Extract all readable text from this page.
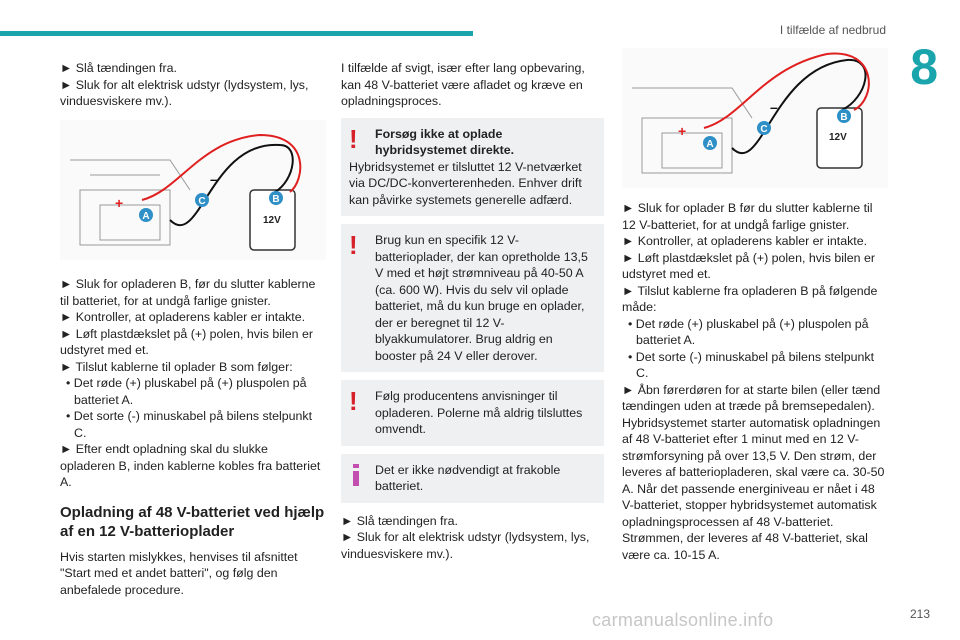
I tilfælde af nedbrud
8

► Slå tændingen fra.

► Sluk for alt elektrisk udstyr (lydsystem, lys, vinduesviskere mv.).

C
A
B
12V
+
–

► Sluk for opladeren B, før du slutter kablerne til batteriet, for at undgå farlige gnister.

► Kontroller, at opladerens kabler er intakte.

► Løft plastdækslet på (+) polen, hvis bilen er udstyret med et.

► Tilslut kablerne til oplader B som følger:

• Det røde (+) pluskabel på (+) pluspolen på batteriet A.

• Det sorte (-) minuskabel på bilens stelpunkt C.

► Efter endt opladning skal du slukke opladeren B, inden kablerne kobles fra batteriet A.

Opladning af 48 V-batteriet ved hjælp af en 12 V-batterioplader

Hvis starten mislykkes, henvises til afsnittet "Start med et andet batteri", og følg den anbefalede procedure.

I tilfælde af svigt, især efter lang opbevaring, kan 48 V-batteriet være afladet og kræve en opladningsproces.

!	Forsøg ikke at oplade hybridsystemet direkte.

Hybridsystemet er tilsluttet 12 V-netværket via DC/DC-konverterenheden. Enhver drift kan påvirke systemets generelle adfærd.

!	Brug kun en specifik 12 V-batterioplader, der kan opretholde 13,5 V med et højt strømniveau på 40-50 A (ca. 600 W). Hvis du selv vil oplade batteriet, må du kun bruge en oplader, der er beregnet til 12 V-blyakkumulatorer. Brug aldrig en booster på 24 V eller derover.

!	Følg producentens anvisninger til opladeren. Polerne må aldrig tilsluttes omvendt.

Det er ikke nødvendigt at frakoble batteriet.

► Slå tændingen fra.

► Sluk for alt elektrisk udstyr (lydsystem, lys, vinduesviskere mv.).

C
A
B
12V
+
–

► Sluk for oplader B før du slutter kablerne til 12 V-batteriet, for at undgå farlige gnister.

► Kontroller, at opladerens kabler er intakte.

► Løft plastdækslet på (+) polen, hvis bilen er udstyret med et.

► Tilslut kablerne fra opladeren B på følgende måde:

• Det røde (+) pluskabel på (+) pluspolen på batteriet A.

• Det sorte (-) minuskabel på bilens stelpunkt C.

► Åbn førerdøren for at starte bilen (eller tænd tændingen uden at træde på bremsepedalen). Hybridsystemet starter automatisk opladningen af 48 V-batteriet efter 1 minut med en 12 V-strømforsyning på over 13,5 V. Den strøm, der leveres af batteriopladeren, skal være ca. 30-50 A. Når det passende energiniveau er nået i 48 V-batteriet, stopper hybridsystemet automatisk opladningsprocessen af 48 V-batteriet. Strømmen, der leveres af 48 V-batteriet, skal være ca. 10-15 A.

carmanualsonline.info	213
